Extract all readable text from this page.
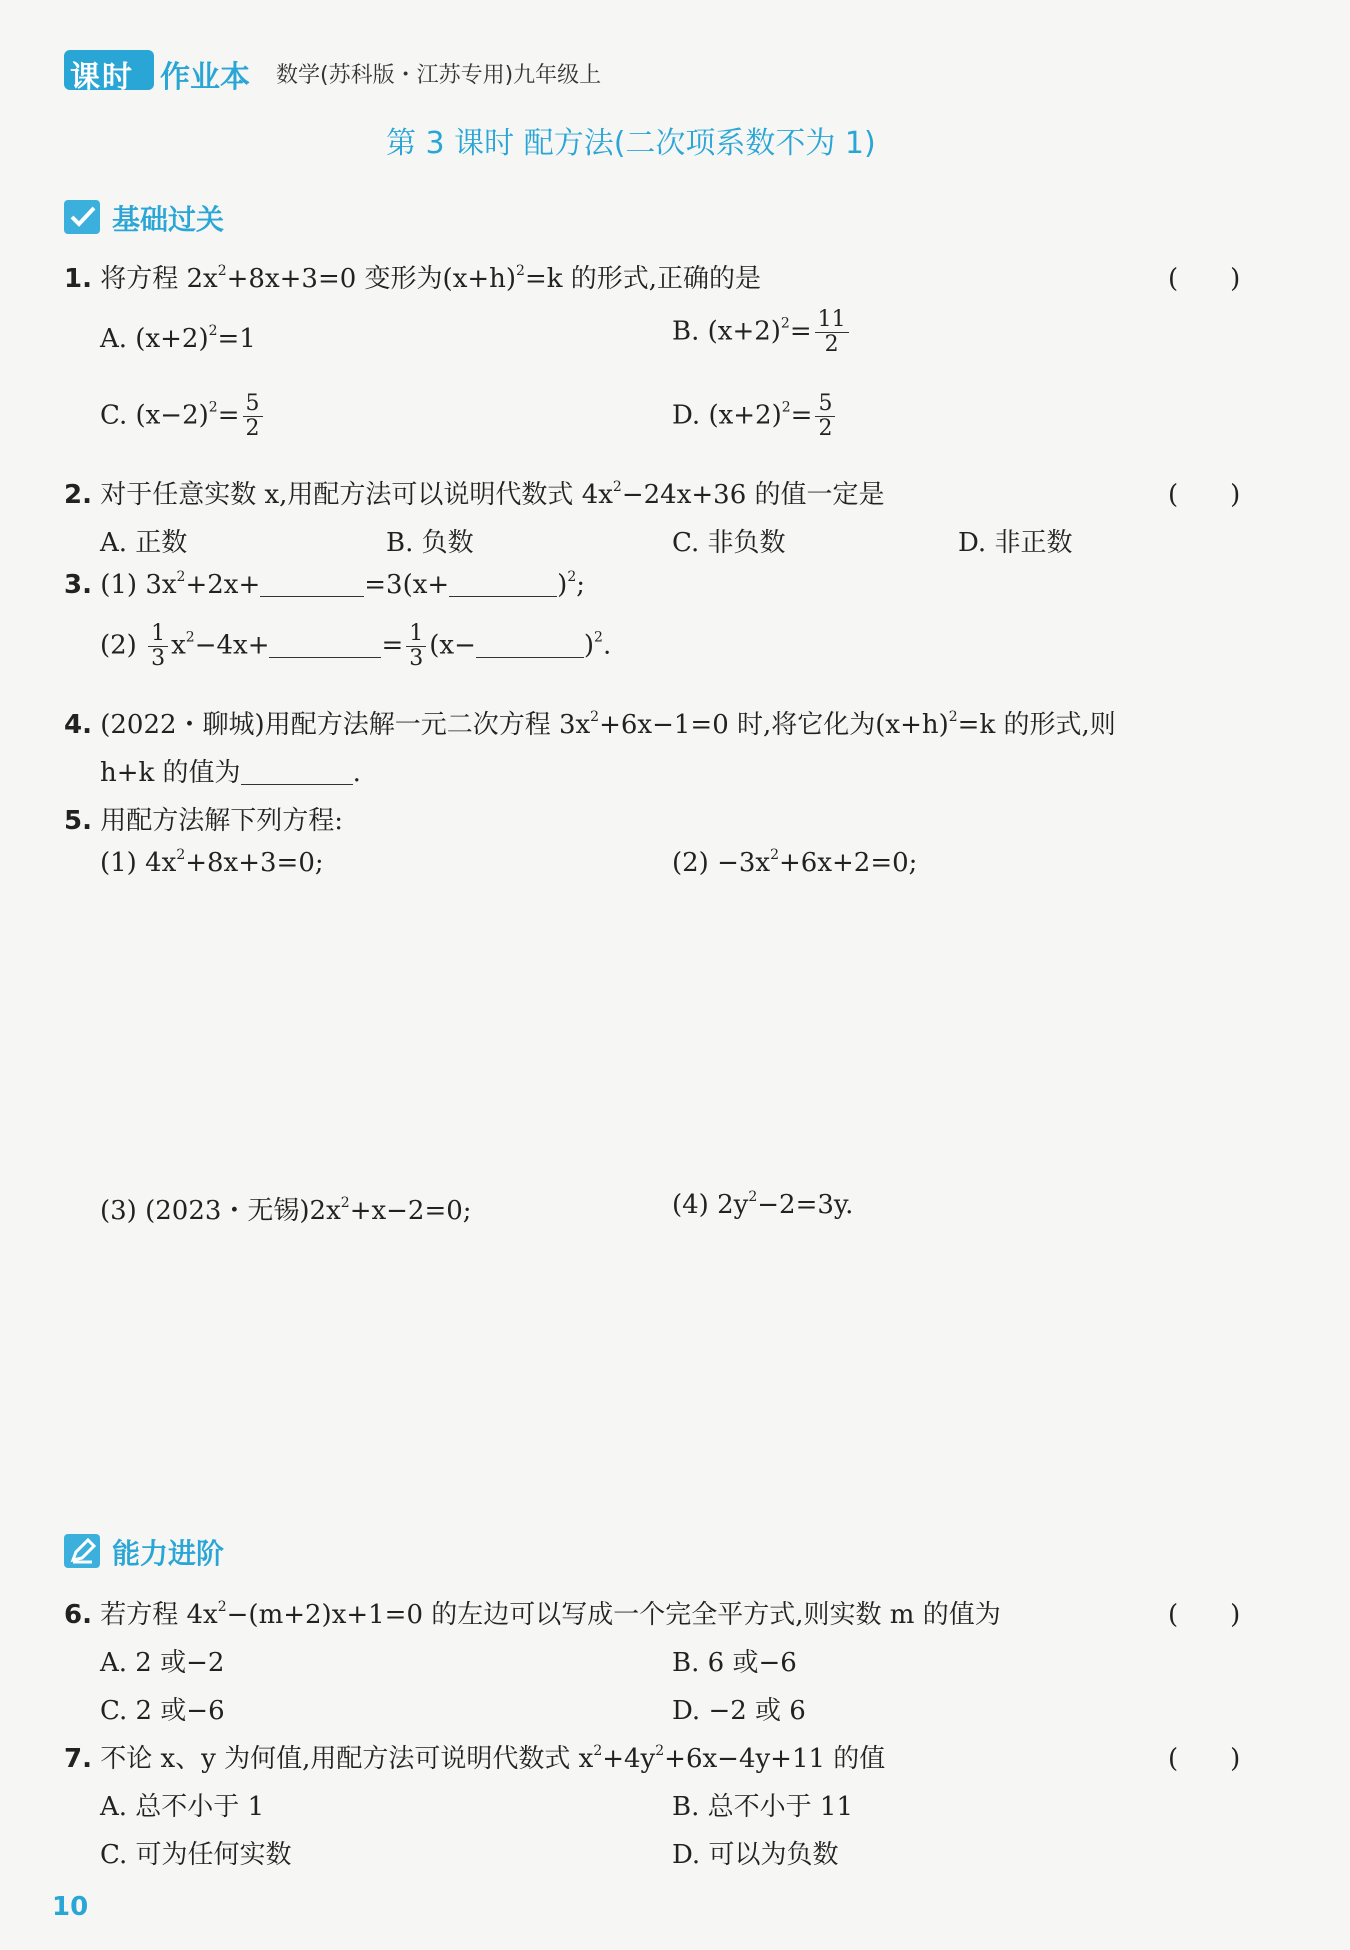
课时 作业本 数学(苏科版・江苏专用)九年级上
第 3 课时 配方法(二次项系数不为 1)
基础过关
1. 将方程 $2x^2+8x+3=0$ 变形为$(x+h)^2=k$ 的形式,正确的是	(　　)
A. $(x+2)^2=1$	B. $(x+2)^2= \frac{11}{2}$
C. $(x-2)^2= \frac{5}{2}$	D. $(x+2)^2= \frac{5}{2}$
2. 对于任意实数 x,用配方法可以说明代数式 $4x^2-24x+36$ 的值一定是	(　　)
A. 正数	B. 负数	C. 非负数	D. 非正数
3. (1) $3x^2+2x+$	=3(x+	)$^2$;
$(2) \frac{1}{3} x^2-4x+$	= $\frac{1}{3} (x-$	)$^2$.
4. (2022・聊城)用配方法解一元二次方程 $3x^2+6x-1=0$ 时,将它化为$(x+h)^2=k$ 的形式,则
h+k 的值为	.
5. 用配方法解下列方程:
(1) $4x^2+8x+3=0$;	$(2) -3x^2+6x+2=0$;
(3) (2023・无锡)$2x^2+x-2=0$;	(4) $2y^2-2=3y$.
能力进阶
6. 若方程 $4x^2-(m+2)x+1=0$ 的左边可以写成一个完全平方式,则实数 m 的值为	(　　)
A. 2 或−2	B. 6 或−6
C. 2 或−6	D. −2 或 6
7. 不论 x、y 为何值,用配方法可说明代数式 $x^2+4y^2+6x-4y+11$ 的值	(　　)
A. 总不小于 1	B. 总不小于 11
C. 可为任何实数	D. 可以为负数
10
